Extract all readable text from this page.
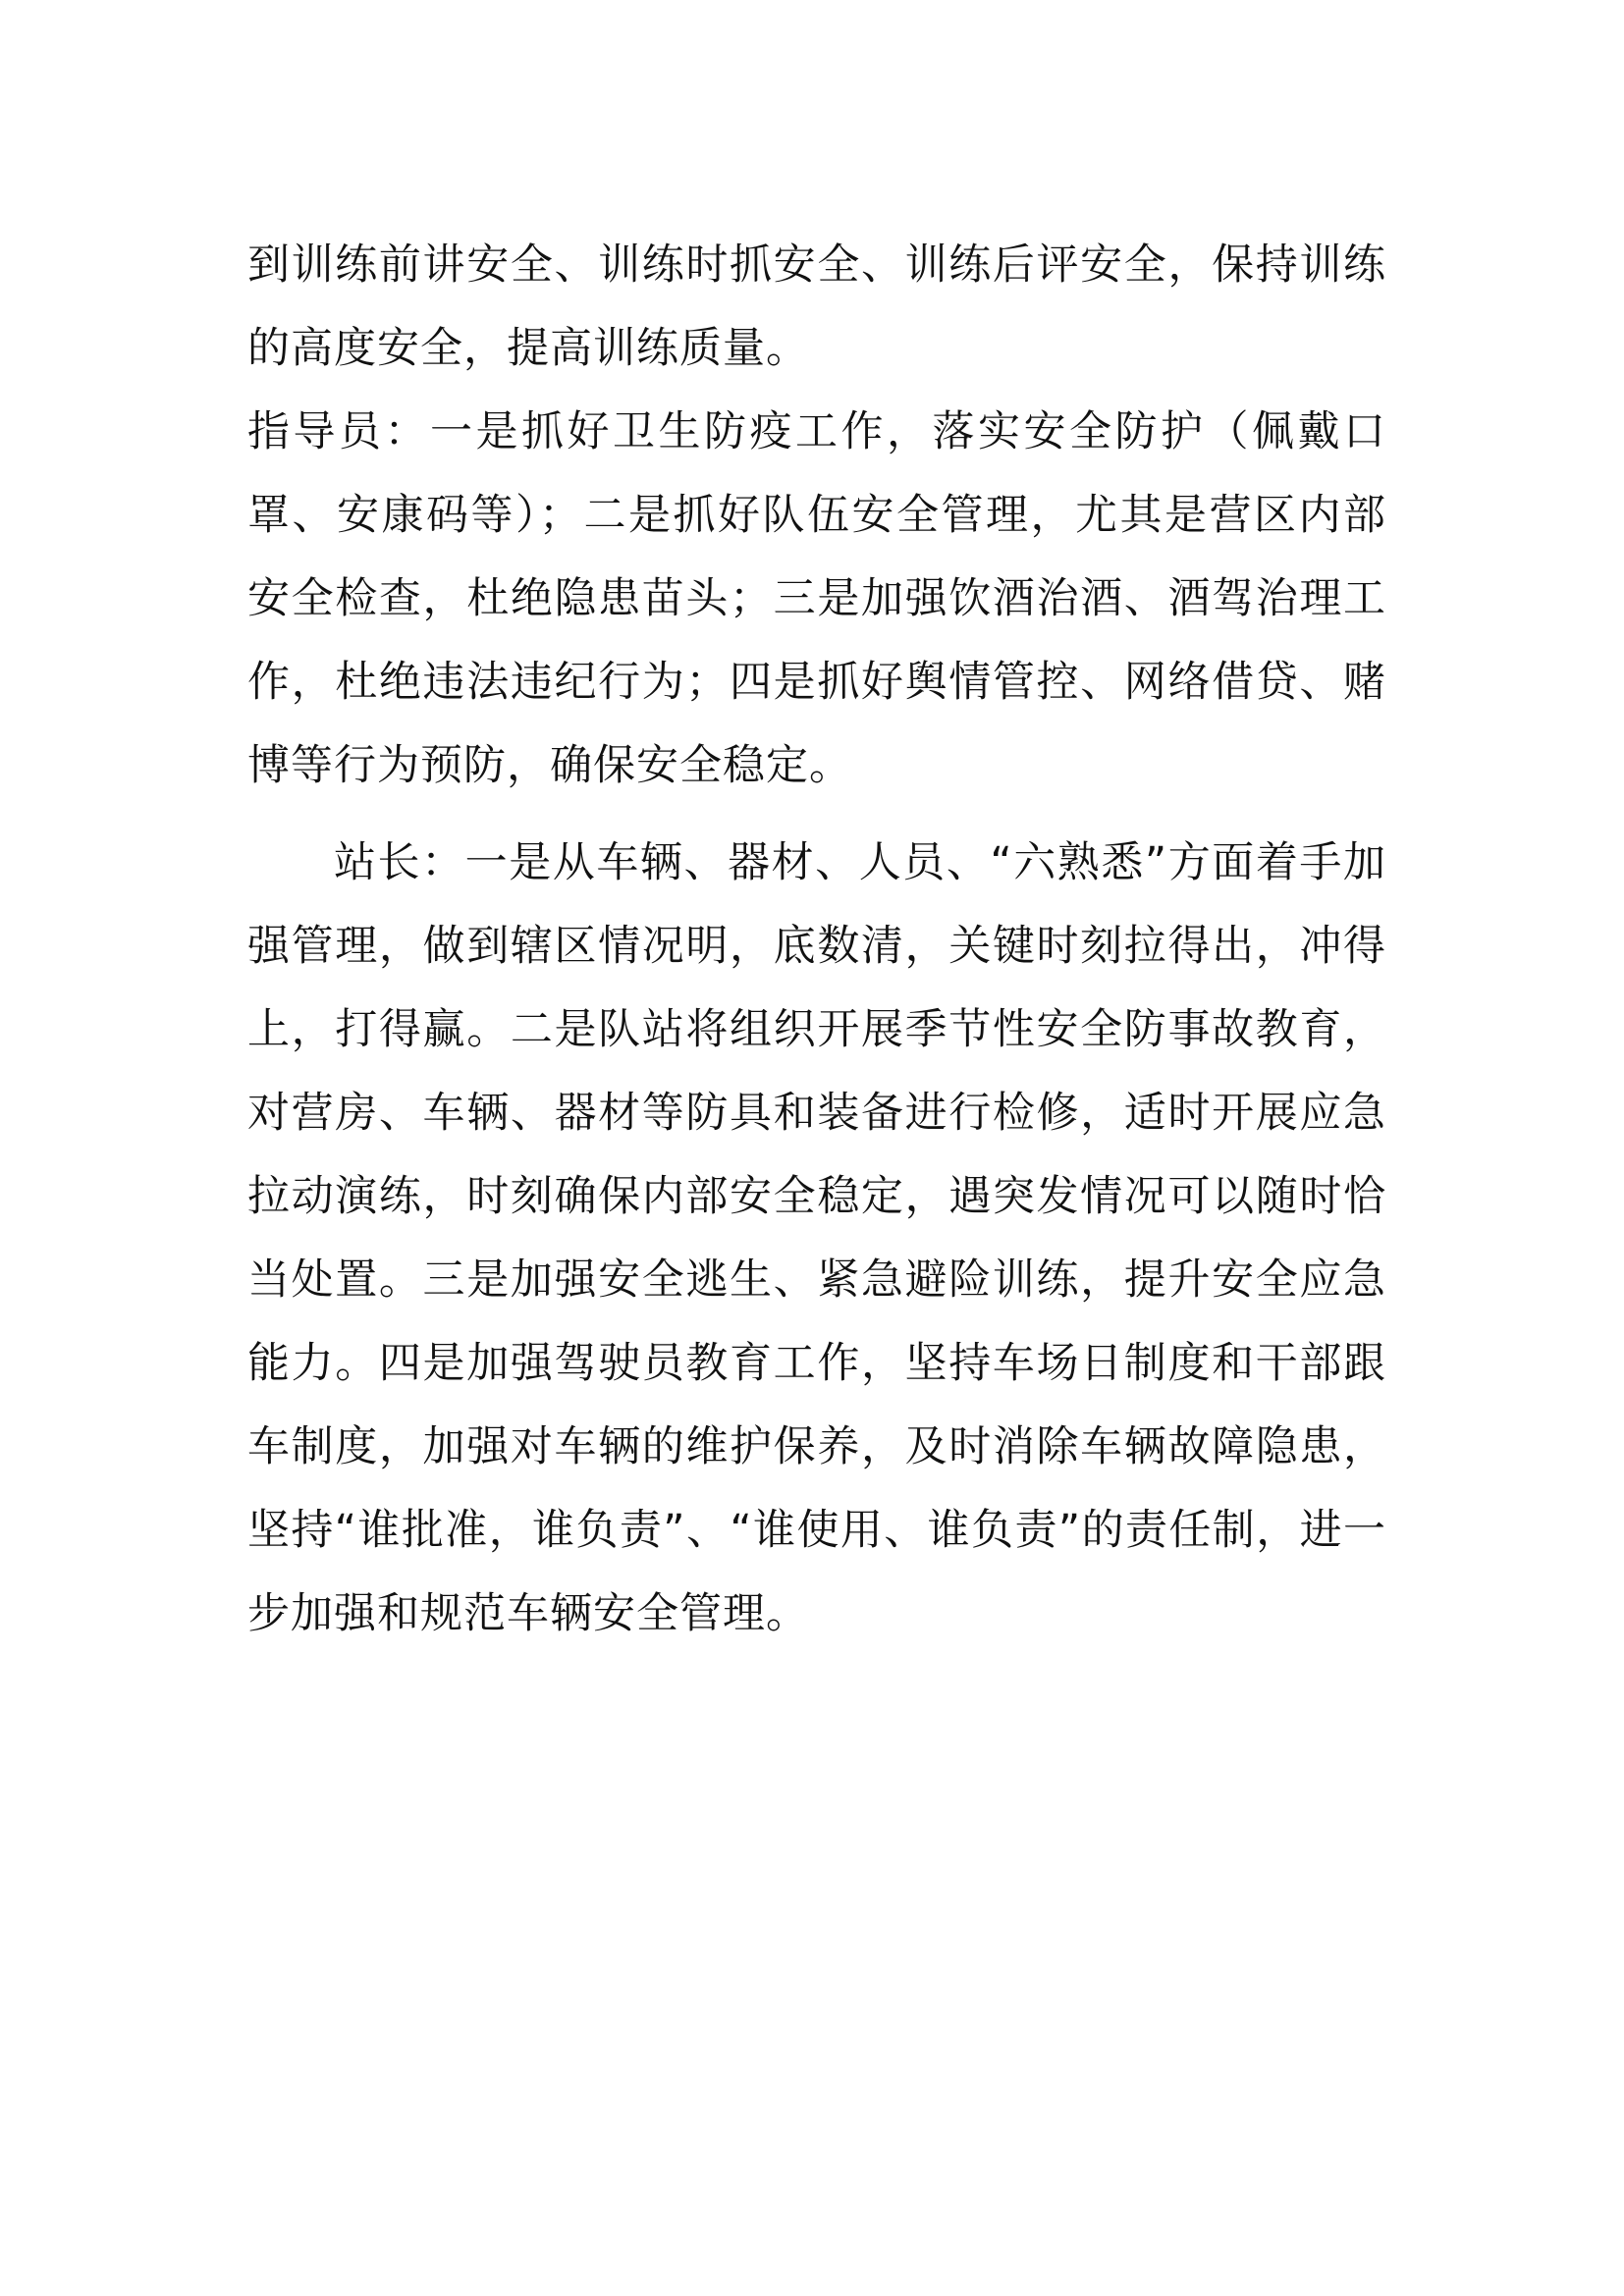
到训练前讲安全、训练时抓安全、训练后评安全，保持训练的高度安全，提高训练质量。

指导员：一是抓好卫生防疫工作，落实安全防护（佩戴口罩、安康码等）；二是抓好队伍安全管理，尤其是营区内部安全检查，杜绝隐患苗头；三是加强饮酒治酒、酒驾治理工作，杜绝违法违纪行为；四是抓好舆情管控、网络借贷、赌博等行为预防，确保安全稳定。

站长：一是从车辆、器材、人员、“六熟悉”方面着手加强管理，做到辖区情况明，底数清，关键时刻拉得出，冲得上，打得赢。二是队站将组织开展季节性安全防事故教育，对营房、车辆、器材等防具和装备进行检修，适时开展应急拉动演练，时刻确保内部安全稳定，遇突发情况可以随时恰当处置。三是加强安全逃生、紧急避险训练，提升安全应急能力。四是加强驾驶员教育工作，坚持车场日制度和干部跟车制度，加强对车辆的维护保养，及时消除车辆故障隐患，坚持“谁批准，谁负责”、“谁使用、谁负责”的责任制，进一步加强和规范车辆安全管理。
